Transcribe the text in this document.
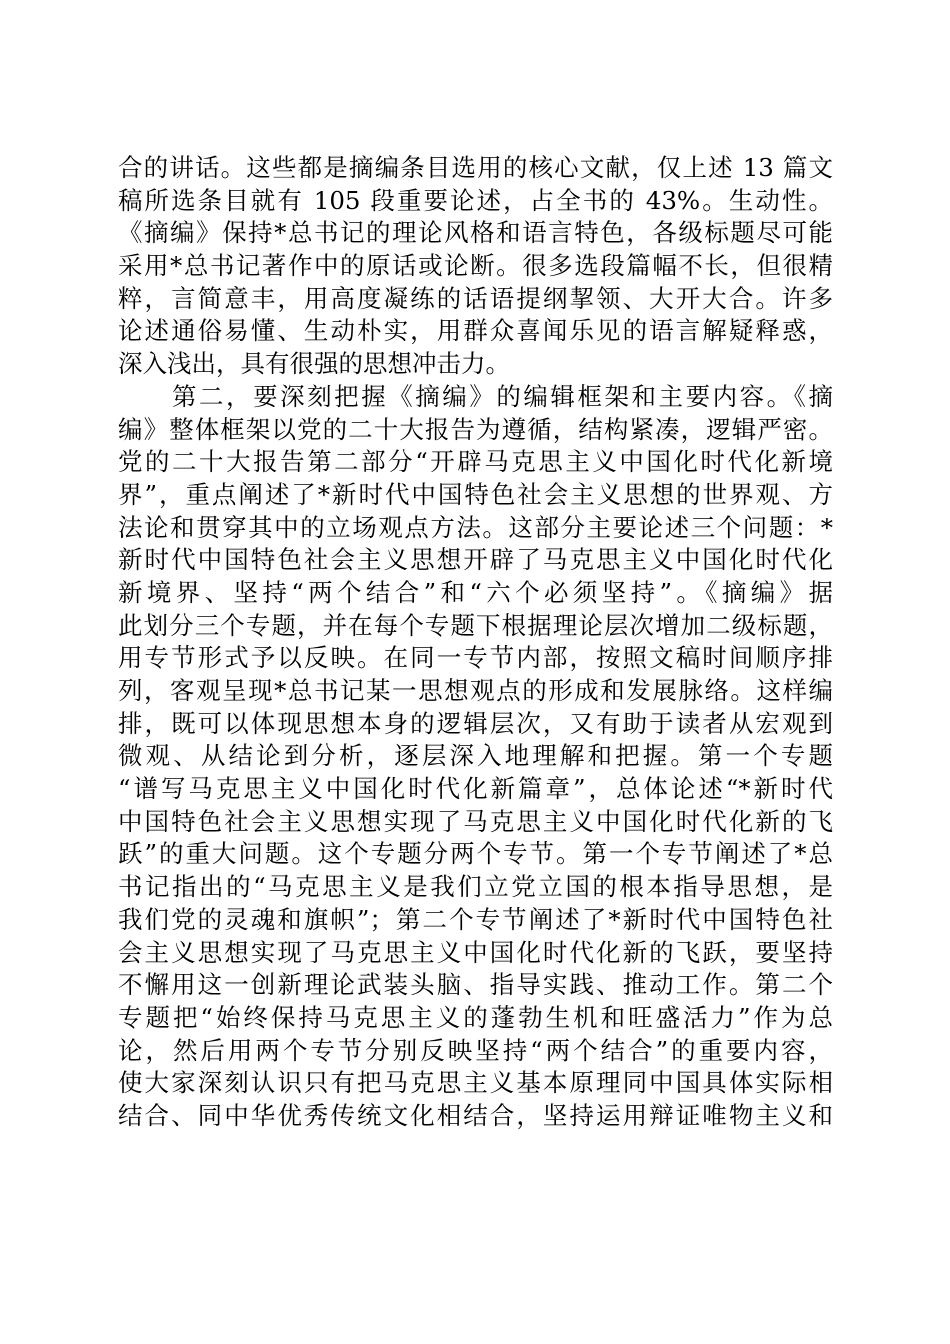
合的讲话。这些都是摘编条目选用的核心文献，仅上述 13 篇文
稿所选条目就有 105 段重要论述，占全书的 43%。生动性。
《摘编》保持*总书记的理论风格和语言特色，各级标题尽可能
采用*总书记著作中的原话或论断。很多选段篇幅不长，但很精
粹，言简意丰，用高度凝练的话语提纲挈领、大开大合。许多
论述通俗易懂、生动朴实，用群众喜闻乐见的语言解疑释惑，
深入浅出，具有很强的思想冲击力。
第二，要深刻把握《摘编》的编辑框架和主要内容。《摘
编》整体框架以党的二十大报告为遵循，结构紧凑，逻辑严密。
党的二十大报告第二部分“开辟马克思主义中国化时代化新境
界”，重点阐述了*新时代中国特色社会主义思想的世界观、方
法论和贯穿其中的立场观点方法。这部分主要论述三个问题：*
新时代中国特色社会主义思想开辟了马克思主义中国化时代化
新境界、坚持“两个结合”和“六个必须坚持”。《摘编》据
此划分三个专题，并在每个专题下根据理论层次增加二级标题，
用专节形式予以反映。在同一专节内部，按照文稿时间顺序排
列，客观呈现*总书记某一思想观点的形成和发展脉络。这样编
排，既可以体现思想本身的逻辑层次，又有助于读者从宏观到
微观、从结论到分析，逐层深入地理解和把握。第一个专题
“谱写马克思主义中国化时代化新篇章”，总体论述“*新时代
中国特色社会主义思想实现了马克思主义中国化时代化新的飞
跃”的重大问题。这个专题分两个专节。第一个专节阐述了*总
书记指出的“马克思主义是我们立党立国的根本指导思想，是
我们党的灵魂和旗帜”；第二个专节阐述了*新时代中国特色社
会主义思想实现了马克思主义中国化时代化新的飞跃，要坚持
不懈用这一创新理论武装头脑、指导实践、推动工作。第二个
专题把“始终保持马克思主义的蓬勃生机和旺盛活力”作为总
论，然后用两个专节分别反映坚持“两个结合”的重要内容，
使大家深刻认识只有把马克思主义基本原理同中国具体实际相
结合、同中华优秀传统文化相结合，坚持运用辩证唯物主义和
